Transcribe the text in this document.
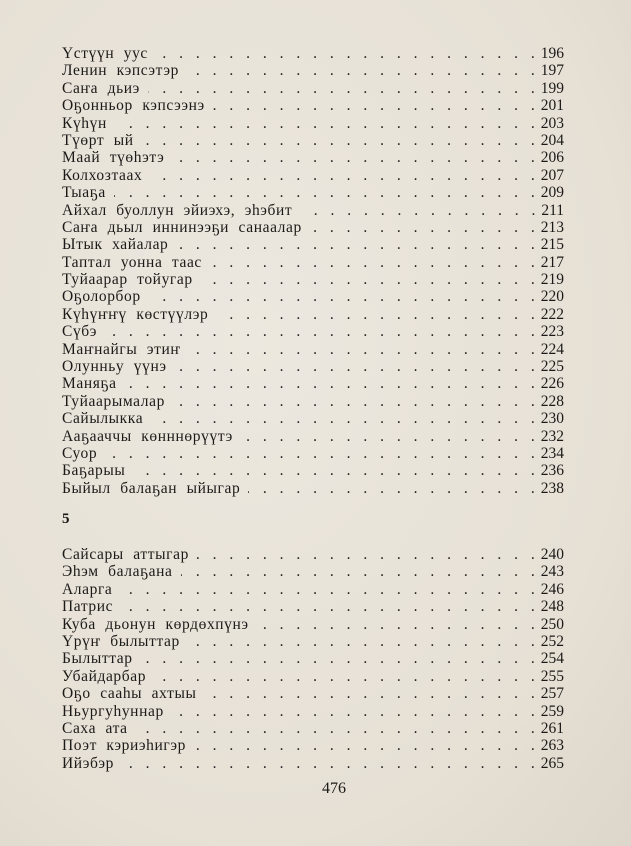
Үстүүн уус . . .	196
Ленин кэпсэтэр . . .	197
Саҥа дьиэ . . .	199
Оҕонньор кэпсээнэ . . .	201
Күһүн . . .	203
Түөрт ый . . .	204
Маай түөһэтэ . . .	206
Колхозтаах . . .	207
Тыаҕа . . .	209
Айхал буоллун эйиэхэ, эһэбит . . .	211
Саҥа дьыл иннинээҕи санаалар . . .	213
Ытык хайалар . . .	215
Таптал уонна таас . . .	217
Туйаарар тойугар . . .	219
Оҕолорбор . . .	220
Күһүҥҥү көстүүлэр . . .	222
Сүбэ . . .	223
Маҥнайгы этиҥ . . .	224
Олунньу үүнэ . . .	225
Маняҕа . . .	226
Туйаарымалар . . .	228
Сайылыкка . . .	230
Ааҕааччы көнннөрүүтэ . . .	232
Суор . . .	234
Баҕарыы . . .	236
Быйыл балаҕан ыйыгар . . .	238
5
Сайсары аттыгар . . .	240
Эһэм балаҕана . . .	243
Аларга . . .	246
Патрис . . .	248
Куба дьонун көрдөхпүнэ . . .	250
Үрүҥ былыттар . . .	252
Былыттар . . .	254
Убайдарбар . . .	255
Оҕо сааһы ахтыы . . .	257
Ньургуһуннар . . .	259
Саха ата . . .	261
Поэт кэриэһигэр . . .	263
Ийэбэр . . .	265
476
